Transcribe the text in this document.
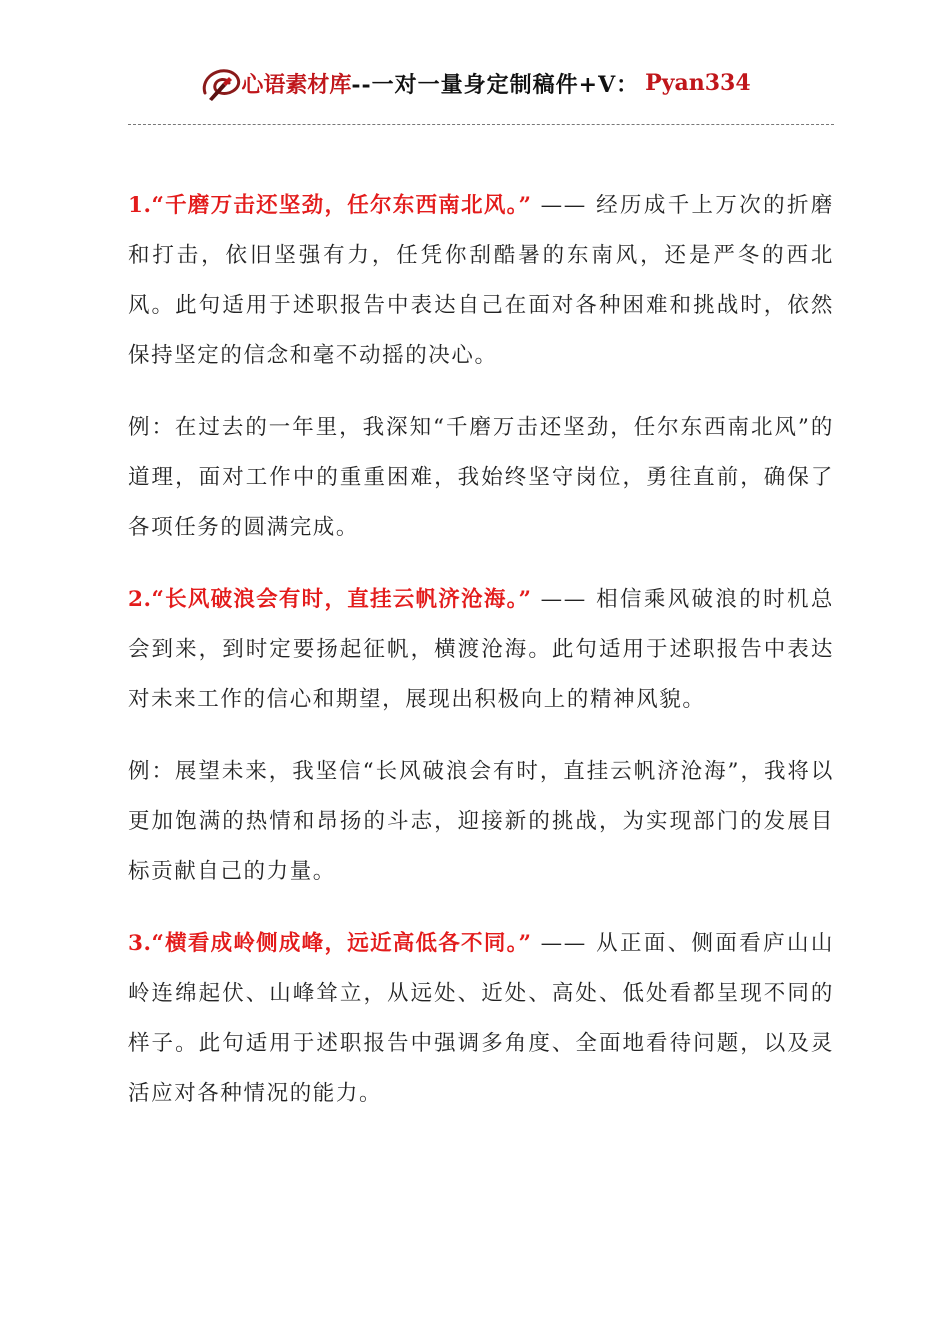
心语素材库 --一对一量身定制稿件+V： Pyan334

1.“千磨万击还坚劲，任尔东西南北风。” —— 经历成千上万次的折磨和打击，依旧坚强有力，任凭你刮酷暑的东南风，还是严冬的西北风。此句适用于述职报告中表达自己在面对各种困难和挑战时，依然保持坚定的信念和毫不动摇的决心。

例：在过去的一年里，我深知“千磨万击还坚劲，任尔东西南北风”的道理，面对工作中的重重困难，我始终坚守岗位，勇往直前，确保了各项任务的圆满完成。

2.“长风破浪会有时，直挂云帆济沧海。” —— 相信乘风破浪的时机总会到来，到时定要扬起征帆，横渡沧海。此句适用于述职报告中表达对未来工作的信心和期望，展现出积极向上的精神风貌。

例：展望未来，我坚信“长风破浪会有时，直挂云帆济沧海”，我将以更加饱满的热情和昂扬的斗志，迎接新的挑战，为实现部门的发展目标贡献自己的力量。

3.“横看成岭侧成峰，远近高低各不同。” —— 从正面、侧面看庐山山岭连绵起伏、山峰耸立，从远处、近处、高处、低处看都呈现不同的样子。此句适用于述职报告中强调多角度、全面地看待问题，以及灵活应对各种情况的能力。
